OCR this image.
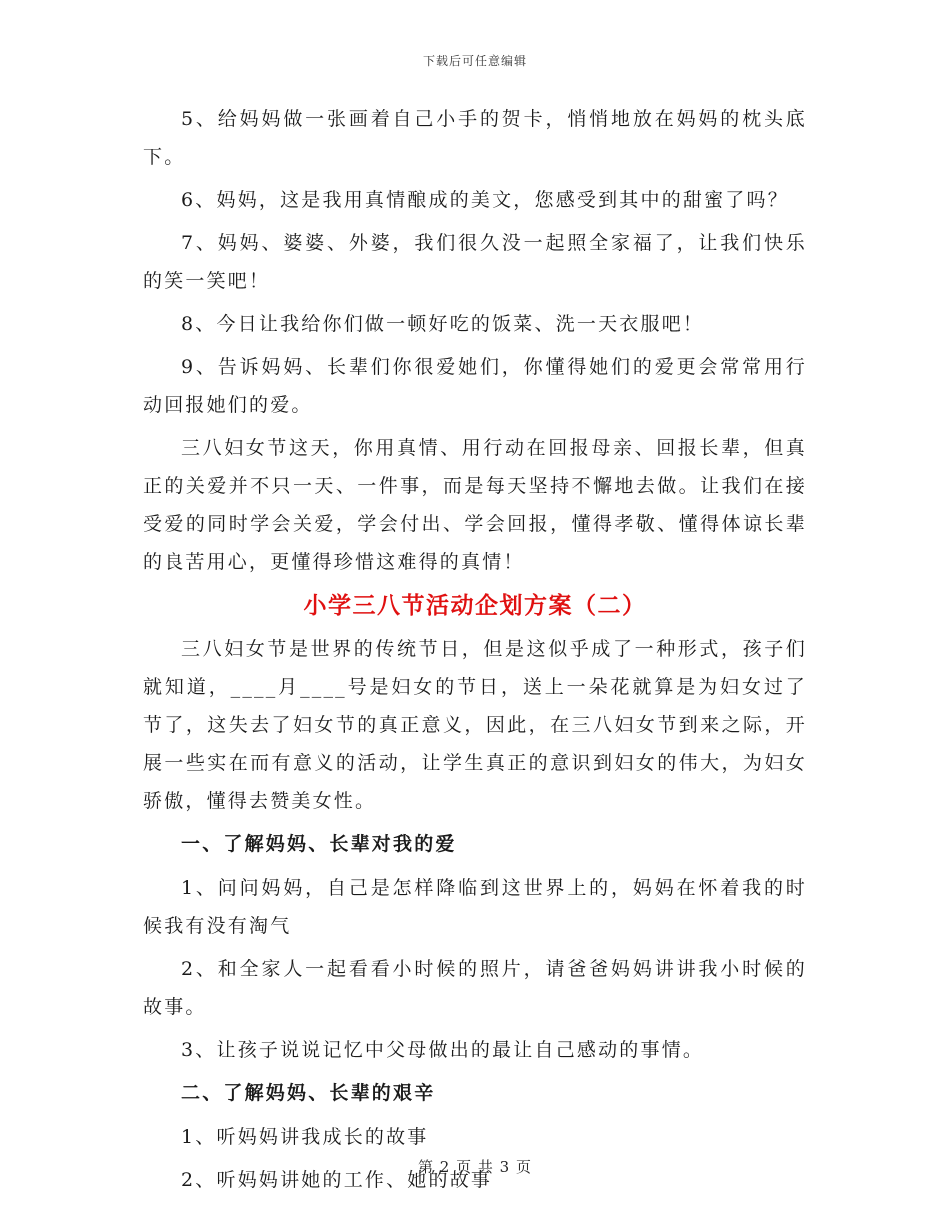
下载后可任意编辑

5、给妈妈做一张画着自己小手的贺卡，悄悄地放在妈妈的枕头底下。

6、妈妈，这是我用真情酿成的美文，您感受到其中的甜蜜了吗？

7、妈妈、婆婆、外婆，我们很久没一起照全家福了，让我们快乐的笑一笑吧！

8、今日让我给你们做一顿好吃的饭菜、洗一天衣服吧！

9、告诉妈妈、长辈们你很爱她们，你懂得她们的爱更会常常用行动回报她们的爱。

三八妇女节这天，你用真情、用行动在回报母亲、回报长辈，但真正的关爱并不只一天、一件事，而是每天坚持不懈地去做。让我们在接受爱的同时学会关爱，学会付出、学会回报，懂得孝敬、懂得体谅长辈的良苦用心，更懂得珍惜这难得的真情！

小学三八节活动企划方案（二）

三八妇女节是世界的传统节日，但是这似乎成了一种形式，孩子们就知道，____月____号是妇女的节日，送上一朵花就算是为妇女过了节了，这失去了妇女节的真正意义，因此，在三八妇女节到来之际，开展一些实在而有意义的活动，让学生真正的意识到妇女的伟大，为妇女骄傲，懂得去赞美女性。

一、了解妈妈、长辈对我的爱

1、问问妈妈，自己是怎样降临到这世界上的，妈妈在怀着我的时候我有没有淘气

2、和全家人一起看看小时候的照片，请爸爸妈妈讲讲我小时候的故事。

3、让孩子说说记忆中父母做出的最让自己感动的事情。

二、了解妈妈、长辈的艰辛

1、听妈妈讲我成长的故事

2、听妈妈讲她的工作、她的故事

第 2 页 共 3 页
